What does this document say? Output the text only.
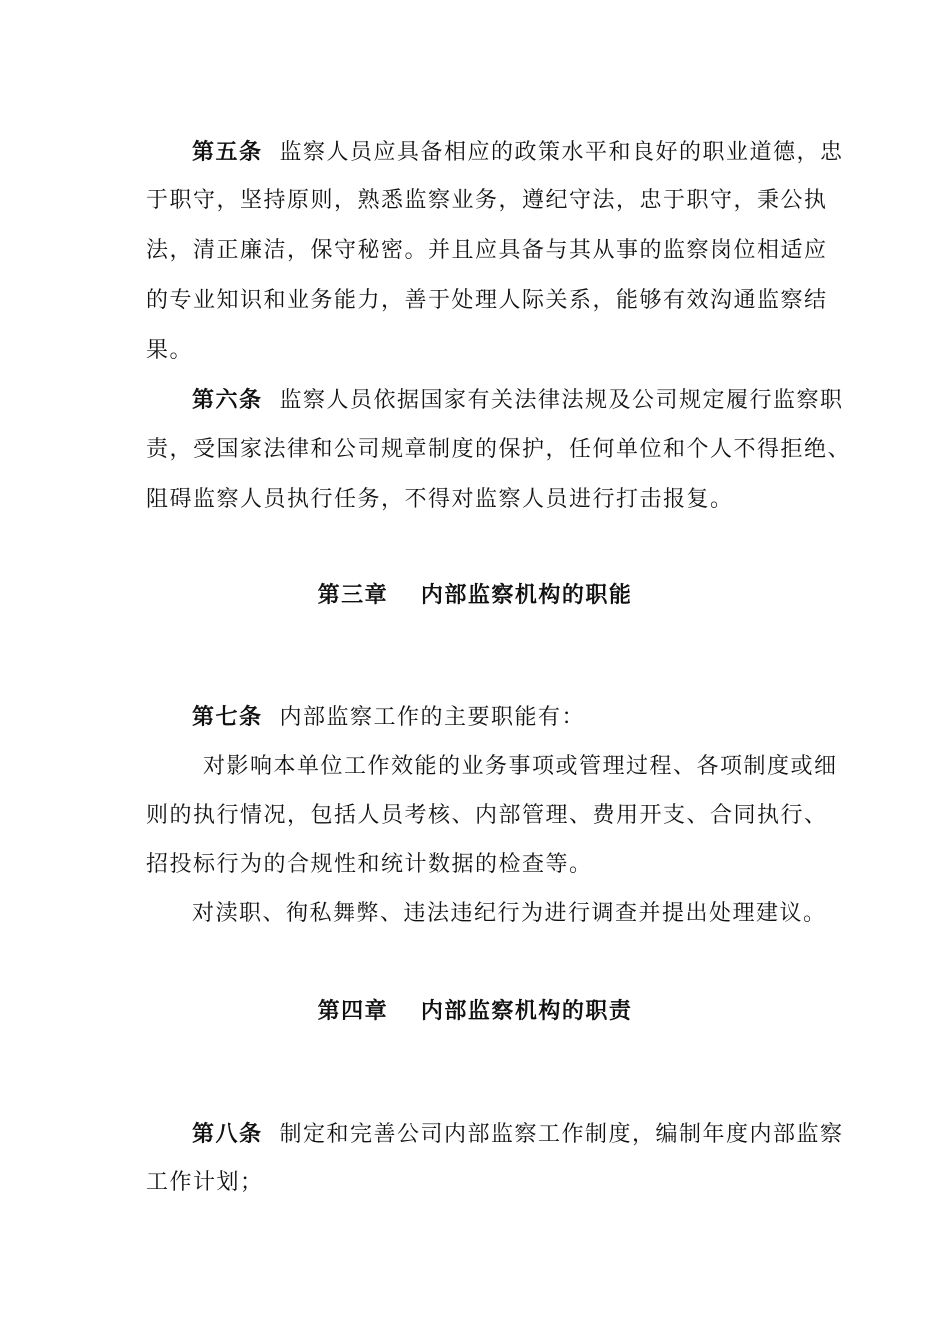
第五条 监察人员应具备相应的政策水平和良好的职业道德，忠
于职守，坚持原则，熟悉监察业务，遵纪守法，忠于职守，秉公执
法，清正廉洁，保守秘密。并且应具备与其从事的监察岗位相适应
的专业知识和业务能力，善于处理人际关系，能够有效沟通监察结
果。
第六条 监察人员依据国家有关法律法规及公司规定履行监察职
责，受国家法律和公司规章制度的保护，任何单位和个人不得拒绝、
阻碍监察人员执行任务，不得对监察人员进行打击报复。
第三章　 内部监察机构的职能
第七条 内部监察工作的主要职能有：
对影响本单位工作效能的业务事项或管理过程、各项制度或细
则的执行情况，包括人员考核、内部管理、费用开支、合同执行、
招投标行为的合规性和统计数据的检查等。
对渎职、徇私舞弊、违法违纪行为进行调查并提出处理建议。
第四章　 内部监察机构的职责
第八条 制定和完善公司内部监察工作制度，编制年度内部监察
工作计划；
